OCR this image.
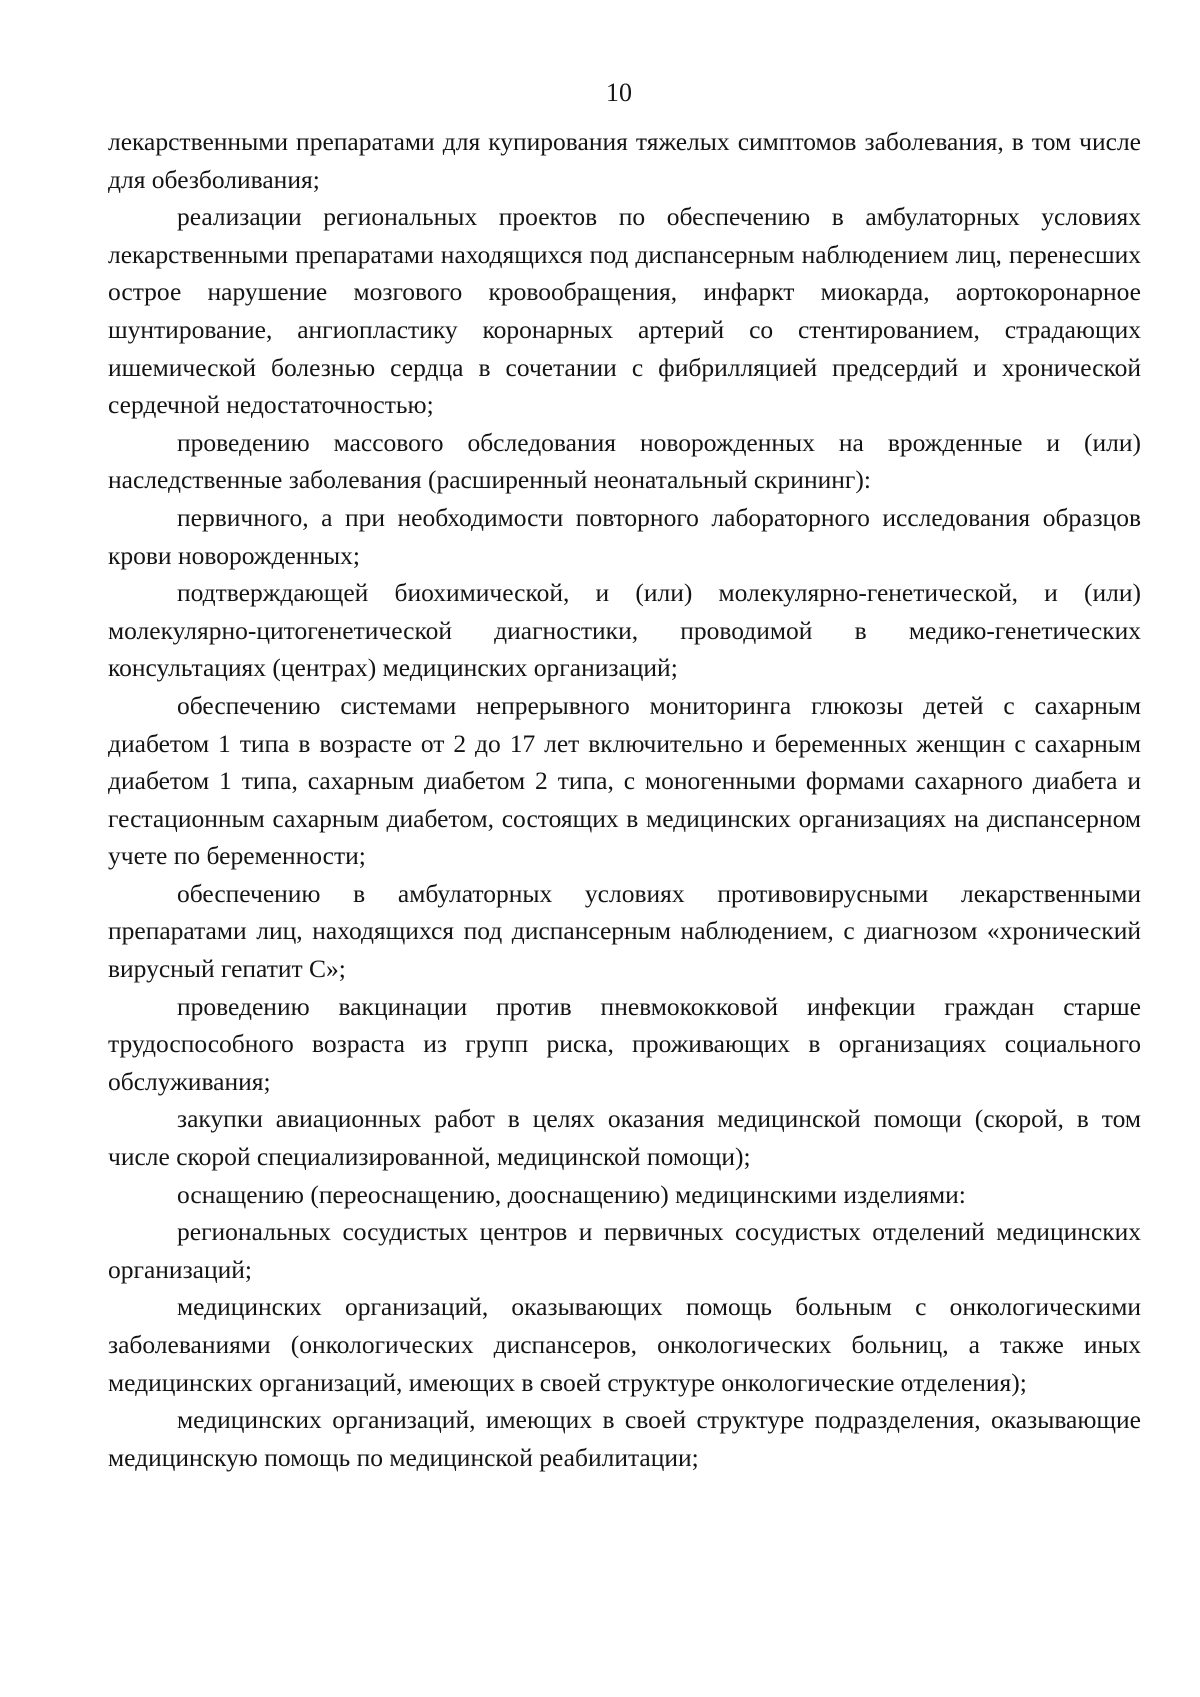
10

лекарственными препаратами для купирования тяжелых симптомов заболевания, в том числе для обезболивания;

реализации региональных проектов по обеспечению в амбулаторных условиях лекарственными препаратами находящихся под диспансерным наблюдением лиц, перенесших острое нарушение мозгового кровообращения, инфаркт миокарда, аортокоронарное шунтирование, ангиопластику коронарных артерий со стентированием, страдающих ишемической болезнью сердца в сочетании с фибрилляцией предсердий и хронической сердечной недостаточностью;

проведению массового обследования новорожденных на врожденные и (или) наследственные заболевания (расширенный неонатальный скрининг):

первичного, а при необходимости повторного лабораторного исследования образцов крови новорожденных;

подтверждающей биохимической, и (или) молекулярно-генетической, и (или) молекулярно-цитогенетической диагностики, проводимой в медико-генетических консультациях (центрах) медицинских организаций;

обеспечению системами непрерывного мониторинга глюкозы детей с сахарным диабетом 1 типа в возрасте от 2 до 17 лет включительно и беременных женщин с сахарным диабетом 1 типа, сахарным диабетом 2 типа, с моногенными формами сахарного диабета и гестационным сахарным диабетом, состоящих в медицинских организациях на диспансерном учете по беременности;

обеспечению в амбулаторных условиях противовирусными лекарственными препаратами лиц, находящихся под диспансерным наблюдением, с диагнозом «хронический вирусный гепатит С»;

проведению вакцинации против пневмококковой инфекции граждан старше трудоспособного возраста из групп риска, проживающих в организациях социального обслуживания;

закупки авиационных работ в целях оказания медицинской помощи (скорой, в том числе скорой специализированной, медицинской помощи);

оснащению (переоснащению, дооснащению) медицинскими изделиями:

региональных сосудистых центров и первичных сосудистых отделений медицинских организаций;

медицинских организаций, оказывающих помощь больным с онкологическими заболеваниями (онкологических диспансеров, онкологических больниц, а также иных медицинских организаций, имеющих в своей структуре онкологические отделения);

медицинских организаций, имеющих в своей структуре подразделения, оказывающие медицинскую помощь по медицинской реабилитации;
